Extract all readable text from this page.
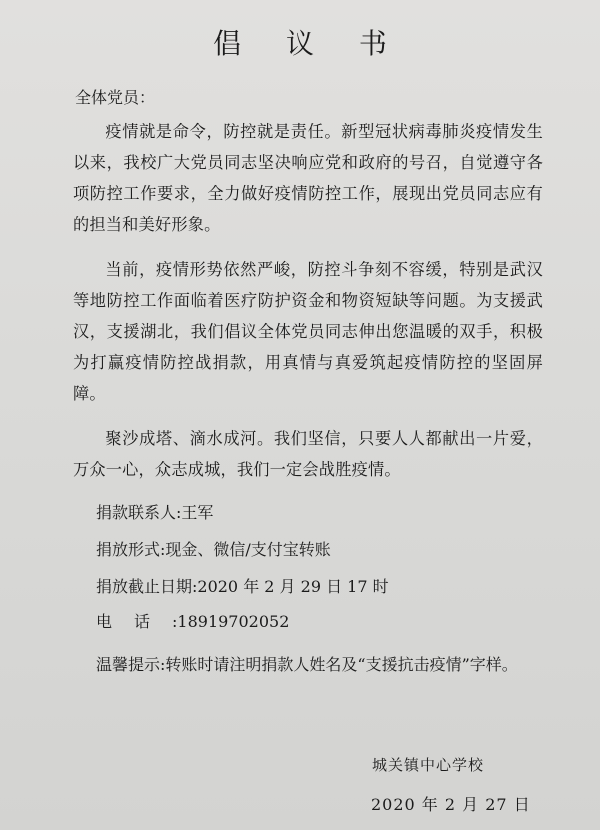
倡 议 书
全体党员：
疫情就是命令，防控就是责任。新型冠状病毒肺炎疫情发生以来，我校广大党员同志坚决响应党和政府的号召，自觉遵守各项防控工作要求，全力做好疫情防控工作，展现出党员同志应有的担当和美好形象。
当前，疫情形势依然严峻，防控斗争刻不容缓，特别是武汉等地防控工作面临着医疗防护资金和物资短缺等问题。为支援武汉，支援湖北，我们倡议全体党员同志伸出您温暖的双手，积极为打赢疫情防控战捐款，用真情与真爱筑起疫情防控的坚固屏障。
聚沙成塔、滴水成河。我们坚信，只要人人都献出一片爱，万众一心，众志成城，我们一定会战胜疫情。
捐款联系人:王军
捐放形式:现金、微信/支付宝转账
捐放截止日期:2020 年 2 月 29 日 17 时
电话:18919702052
温馨提示:转账时请注明捐款人姓名及“支援抗击疫情”字样。
城关镇中心学校
2020 年 2 月 27 日
